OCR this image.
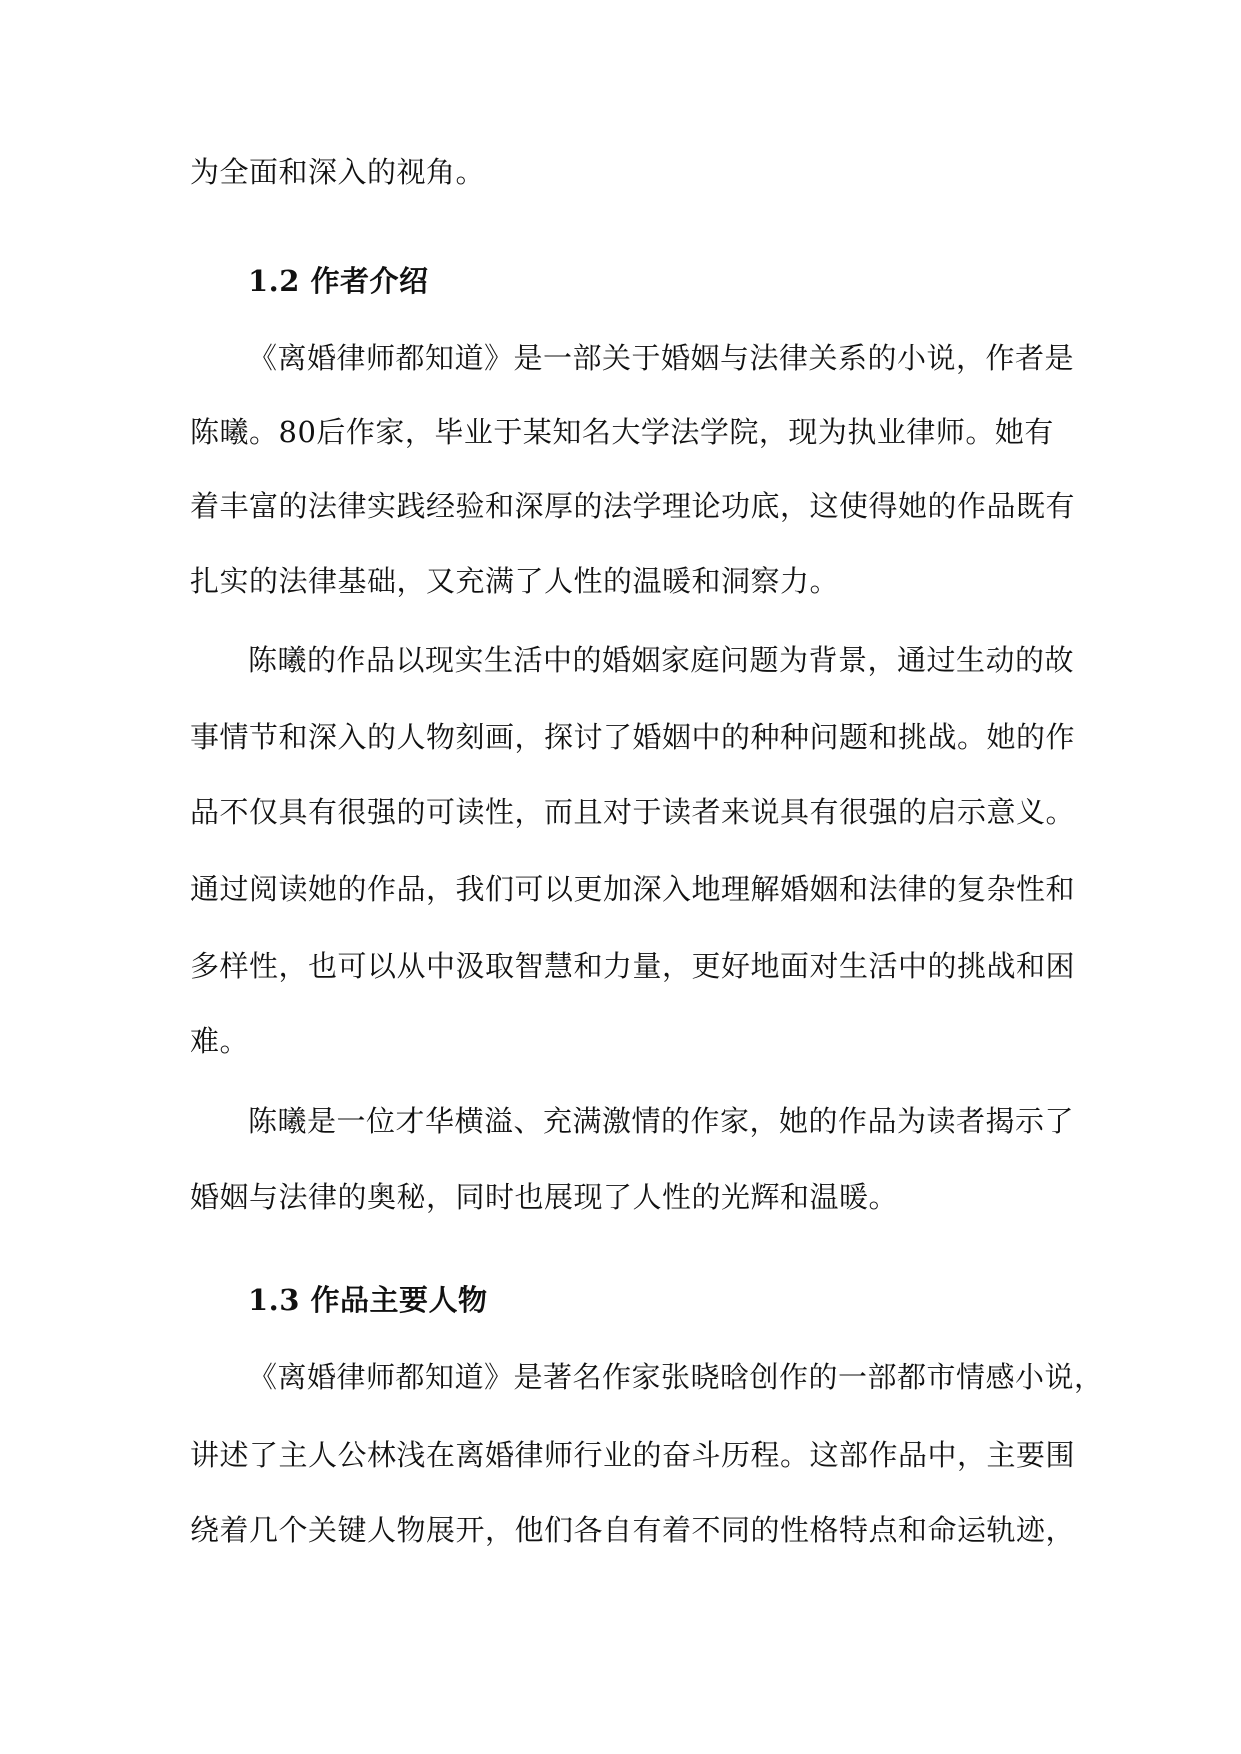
为全面和深入的视角。
1.2 作者介绍
《离婚律师都知道》是一部关于婚姻与法律关系的小说，作者是
陈曦。80后作家，毕业于某知名大学法学院，现为执业律师。她有
着丰富的法律实践经验和深厚的法学理论功底，这使得她的作品既有
扎实的法律基础，又充满了人性的温暖和洞察力。
陈曦的作品以现实生活中的婚姻家庭问题为背景，通过生动的故
事情节和深入的人物刻画，探讨了婚姻中的种种问题和挑战。她的作
品不仅具有很强的可读性，而且对于读者来说具有很强的启示意义。
通过阅读她的作品，我们可以更加深入地理解婚姻和法律的复杂性和
多样性，也可以从中汲取智慧和力量，更好地面对生活中的挑战和困
难。
陈曦是一位才华横溢、充满激情的作家，她的作品为读者揭示了
婚姻与法律的奥秘，同时也展现了人性的光辉和温暖。
1.3 作品主要人物
《离婚律师都知道》是著名作家张晓晗创作的一部都市情感小说，
讲述了主人公林浅在离婚律师行业的奋斗历程。这部作品中，主要围
绕着几个关键人物展开，他们各自有着不同的性格特点和命运轨迹，
